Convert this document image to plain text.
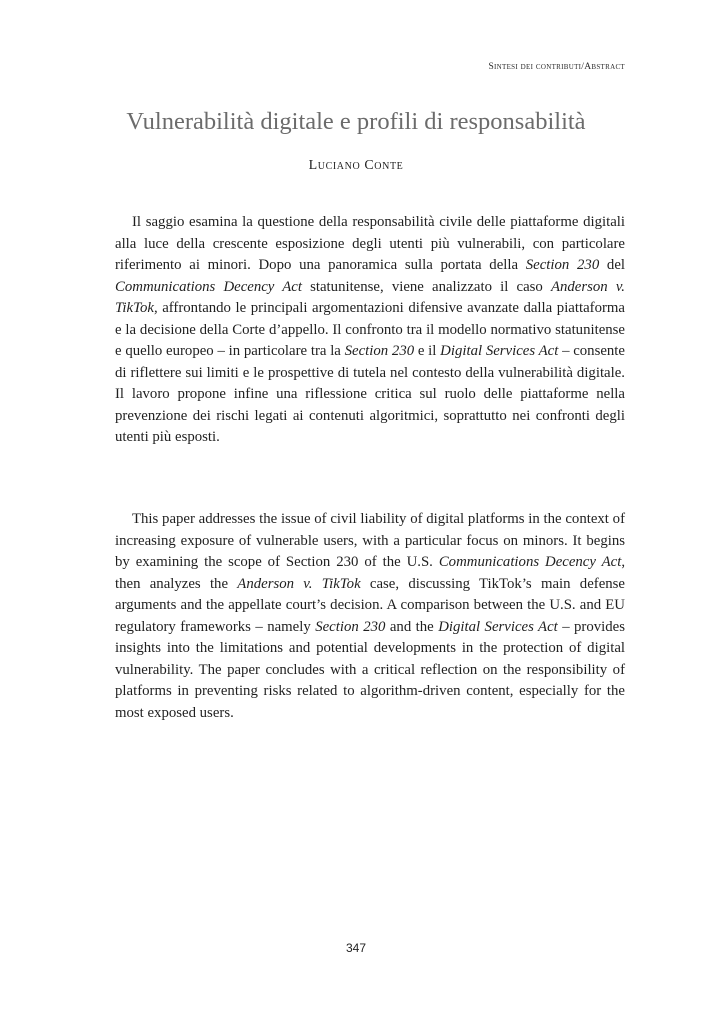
Sintesi dei contributi/Abstract
Vulnerabilità digitale e profili di responsabilità
Luciano Conte

Il saggio esamina la questione della responsabilità civile delle piattaforme digitali alla luce della crescente esposizione degli utenti più vulnerabili, con particolare riferimento ai minori. Dopo una panoramica sulla portata della Section 230 del Communications Decency Act statunitense, viene analizzato il caso Anderson v. TikTok, affrontando le principali argomentazioni difensive avanzate dalla piattaforma e la decisione della Corte d’appello. Il confronto tra il modello normativo statunitense e quello europeo – in particolare tra la Section 230 e il Digital Services Act – consente di riflettere sui limiti e le prospettive di tutela nel contesto della vulnerabilità digitale. Il lavoro propone infine una riflessione critica sul ruolo delle piattaforme nella prevenzione dei rischi legati ai contenuti algoritmici, soprattutto nei confronti degli utenti più esposti.

This paper addresses the issue of civil liability of digital platforms in the context of increasing exposure of vulnerable users, with a particular focus on minors. It begins by examining the scope of Section 230 of the U.S. Communications Decency Act, then analyzes the Anderson v. TikTok case, discussing TikTok’s main defense arguments and the appellate court’s decision. A comparison between the U.S. and EU regulatory frameworks – namely Section 230 and the Digital Services Act – provides insights into the limitations and potential developments in the protection of digital vulnerability. The paper concludes with a critical reflection on the responsibility of platforms in preventing risks related to algorithm-driven content, especially for the most exposed users.

347
